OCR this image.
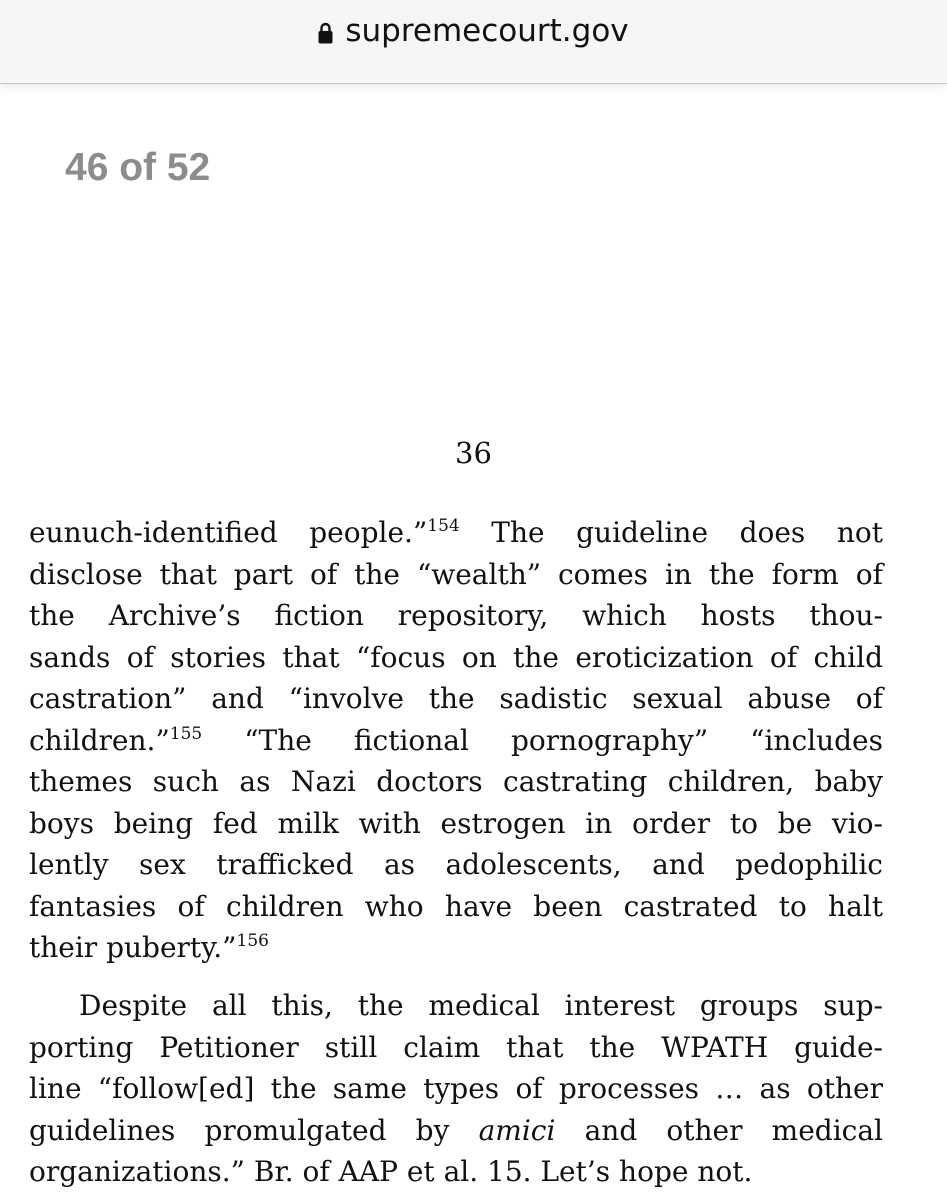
supremecourt.gov
46 of 52
36
eunuch-identified people.”$^{154}$ The guideline does not
disclose that part of the “wealth” comes in the form of
the Archive’s fiction repository, which hosts thou-
sands of stories that “focus on the eroticization of child
castration” and “involve the sadistic sexual abuse of
children.”$^{155}$ “The fictional pornography” “includes
themes such as Nazi doctors castrating children, baby
boys being fed milk with estrogen in order to be vio-
lently sex trafficked as adolescents, and pedophilic
fantasies of children who have been castrated to halt
their puberty.”$^{156}$
Despite all this, the medical interest groups sup-
porting Petitioner still claim that the WPATH guide-
line “follow[ed] the same types of processes … as other
guidelines promulgated by amici and other medical
organizations.” Br. of AAP et al. 15. Let’s hope not.
